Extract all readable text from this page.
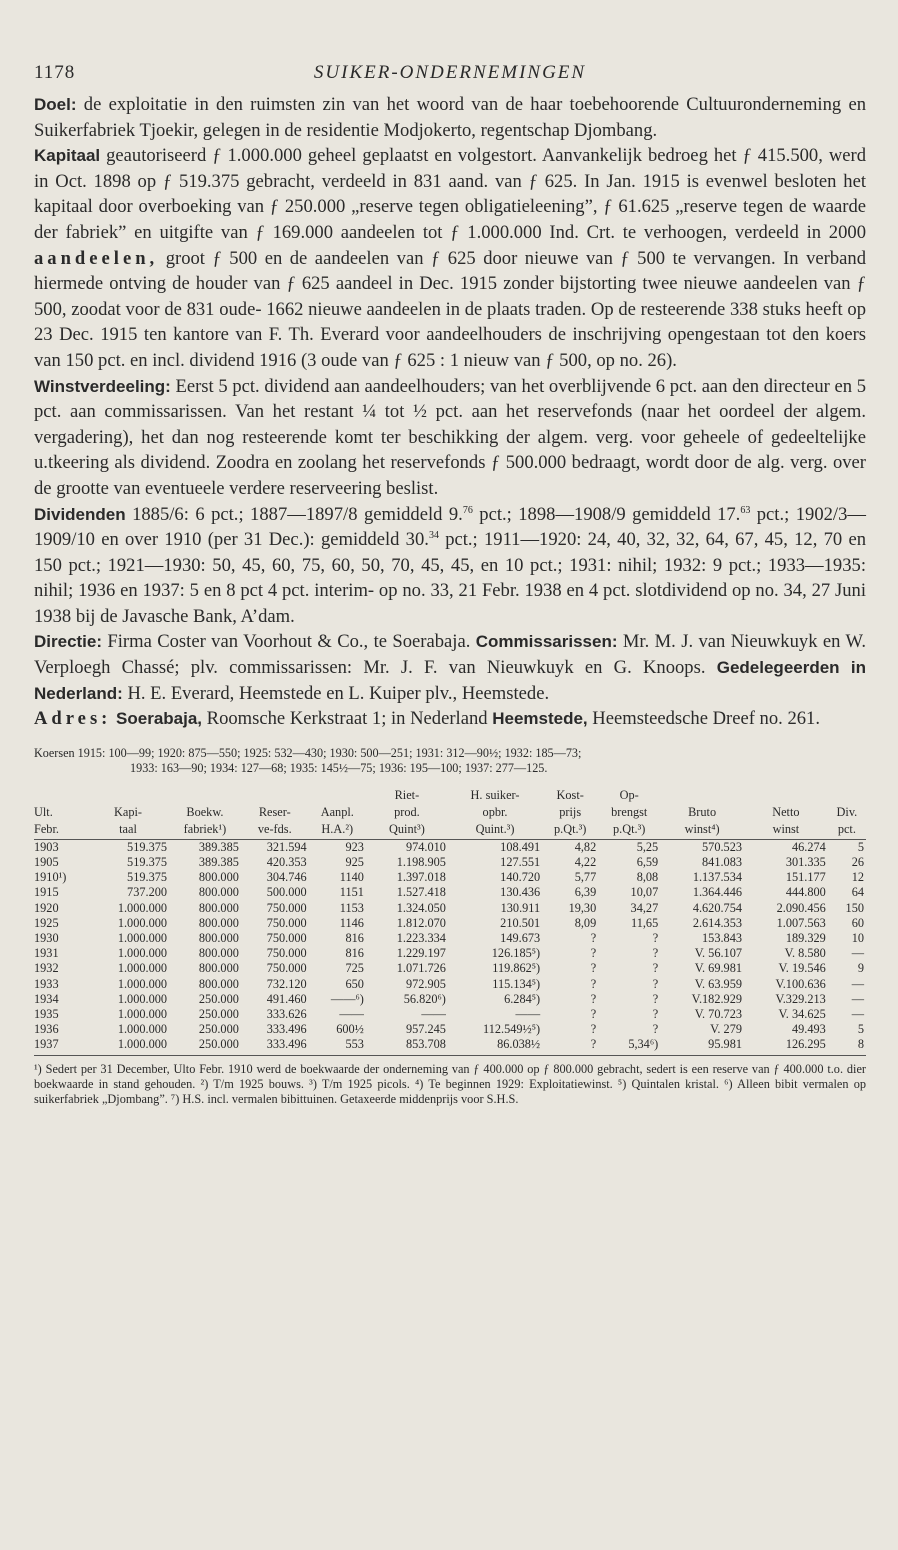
1178	SUIKER-ONDERNEMINGEN

Doel: de exploitatie in den ruimsten zin van het woord van de haar toebehoorende Cultuuronderneming en Suikerfabriek Tjoekir, gelegen in de residentie Modjokerto, regentschap Djombang.

Kapitaal geautoriseerd ƒ 1.000.000 geheel geplaatst en volgestort. Aanvankelijk bedroeg het ƒ 415.500, werd in Oct. 1898 op ƒ 519.375 gebracht, verdeeld in 831 aand. van ƒ 625. In Jan. 1915 is evenwel besloten het kapitaal door overboeking van ƒ 250.000 „reserve tegen obligatieleening”, ƒ 61.625 „reserve tegen de waarde der fabriek” en uitgifte van ƒ 169.000 aandeelen tot ƒ 1.000.000 Ind. Crt. te verhoogen, verdeeld in 2000 aandeelen, groot ƒ 500 en de aandeelen van ƒ 625 door nieuwe van ƒ 500 te vervangen. In verband hiermede ontving de houder van ƒ 625 aandeel in Dec. 1915 zonder bijstorting twee nieuwe aandeelen van ƒ 500, zoodat voor de 831 oude- 1662 nieuwe aandeelen in de plaats traden. Op de resteerende 338 stuks heeft op 23 Dec. 1915 ten kantore van F. Th. Everard voor aandeelhouders de inschrijving opengestaan tot den koers van 150 pct. en incl. dividend 1916 (3 oude van ƒ 625 : 1 nieuw van ƒ 500, op no. 26).

Winstverdeeling: Eerst 5 pct. dividend aan aandeelhouders; van het overblijvende 6 pct. aan den directeur en 5 pct. aan commissarissen. Van het restant ¼ tot ½ pct. aan het reservefonds (naar het oordeel der algem. vergadering), het dan nog resteerende komt ter beschikking der algem. verg. voor geheele of gedeeltelijke u.tkeering als dividend. Zoodra en zoolang het reservefonds ƒ 500.000 bedraagt, wordt door de alg. verg. over de grootte van eventueele verdere reserveering beslist.

Dividenden 1885/6: 6 pct.; 1887—1897/8 gemiddeld 9.76 pct.; 1898—1908/9 gemiddeld 17.63 pct.; 1902/3—1909/10 en over 1910 (per 31 Dec.): gemiddeld 30.34 pct.; 1911—1920: 24, 40, 32, 32, 64, 67, 45, 12, 70 en 150 pct.; 1921—1930: 50, 45, 60, 75, 60, 50, 70, 45, 45, en 10 pct.; 1931: nihil; 1932: 9 pct.; 1933—1935: nihil; 1936 en 1937: 5 en 8 pct 4 pct. interim- op no. 33, 21 Febr. 1938 en 4 pct. slotdividend op no. 34, 27 Juni 1938 bij de Javasche Bank, A’dam.

Directie: Firma Coster van Voorhout & Co., te Soerabaja. Commissarissen: Mr. M. J. van Nieuwkuyk en W. Verploegh Chassé; plv. commissarissen: Mr. J. F. van Nieuwkuyk en G. Knoops. Gedelegeerden in Nederland: H. E. Everard, Heemstede en L. Kuiper plv., Heemstede.

Adres: Soerabaja, Roomsche Kerkstraat 1; in Nederland Heemstede, Heemsteedsche Dreef no. 261.

Koersen 1915: 100—99; 1920: 875—550; 1925: 532—430; 1930: 500—251; 1931: 312—90½; 1932: 185—73;
1933: 163—90; 1934: 127—68; 1935: 145½—75; 1936: 195—100; 1937: 277—125.
					Riet-	H. suiker-	Kost-	Op-			
Ult.	Kapi-	Boekw.	Reser-	Aanpl.	prod.	opbr.	prijs	brengst	Bruto	Netto	Div.
Febr.	taal	fabriek¹)	ve-fds.	H.A.²)	Quint³)	Quint.³)	p.Qt.³)	p.Qt.³)	winst⁴)	winst	pct.
1903	519.375	389.385	321.594	923	974.010	108.491	4,82	5,25	570.523	46.274	5
1905	519.375	389.385	420.353	925	1.198.905	127.551	4,22	6,59	841.083	301.335	26
1910¹)	519.375	800.000	304.746	1140	1.397.018	140.720	5,77	8,08	1.137.534	151.177	12
1915	737.200	800.000	500.000	1151	1.527.418	130.436	6,39	10,07	1.364.446	444.800	64
1920	1.000.000	800.000	750.000	1153	1.324.050	130.911	19,30	34,27	4.620.754	2.090.456	150
1925	1.000.000	800.000	750.000	1146	1.812.070	210.501	8,09	11,65	2.614.353	1.007.563	60
1930	1.000.000	800.000	750.000	816	1.223.334	149.673	?	?	153.843	189.329	10
1931	1.000.000	800.000	750.000	816	1.229.197	126.185⁵)	?	?	V. 56.107	V. 8.580	—
1932	1.000.000	800.000	750.000	725	1.071.726	119.862⁵)	?	?	V. 69.981	V. 19.546	9
1933	1.000.000	800.000	732.120	650	972.905	115.134⁵)	?	?	V. 63.959	V.100.636	—
1934	1.000.000	250.000	491.460	——⁶)	56.820⁶)	6.284⁵)	?	?	V.182.929	V.329.213	—
1935	1.000.000	250.000	333.626	——	——	——	?	?	V. 70.723	V. 34.625	—
1936	1.000.000	250.000	333.496	600½	957.245	112.549½⁵)	?	?	V. 279	49.493	5
1937	1.000.000	250.000	333.496	553	853.708	86.038½	?	5,34⁶)	95.981	126.295	8
¹) Sedert per 31 December, Ulto Febr. 1910 werd de boekwaarde der onderneming van ƒ 400.000 op ƒ 800.000 gebracht, sedert is een reserve van ƒ 400.000 t.o. dier boekwaarde in stand gehouden. ²) T/m 1925 bouws. ³) T/m 1925 picols. ⁴) Te beginnen 1929: Exploitatiewinst. ⁵) Quintalen kristal. ⁶) Alleen bibit vermalen op suikerfabriek „Djombang”. ⁷) H.S. incl. vermalen bibittuinen. Getaxeerde middenprijs voor S.H.S.
